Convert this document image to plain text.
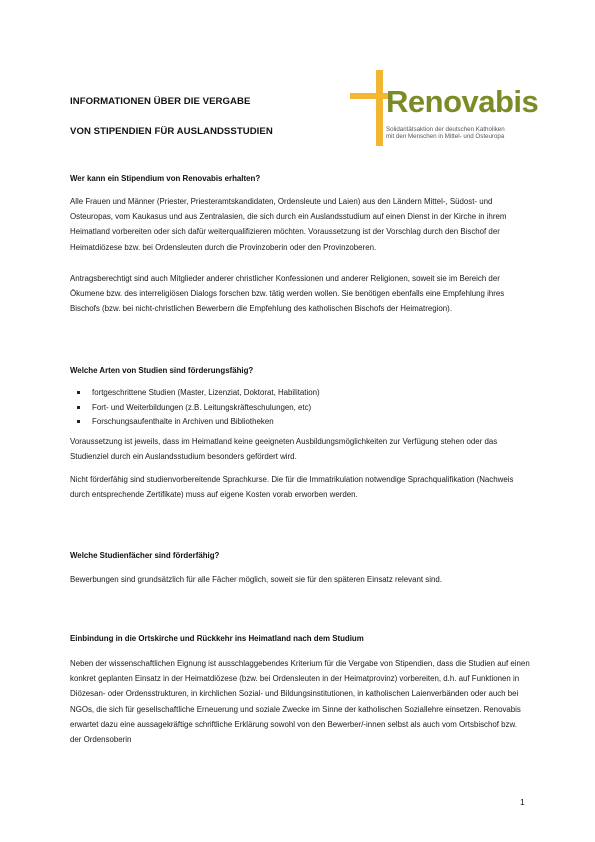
INFORMATIONEN ÜBER DIE VERGABE
VON STIPENDIEN FÜR AUSLANDSSTUDIEN
Renovabis
Solidaritätsaktion der deutschen Katholiken
mit den Menschen in Mittel- und Osteuropa

Wer kann ein Stipendium von Renovabis erhalten?

Alle Frauen und Männer (Priester, Priesteramtskandidaten, Ordensleute und Laien) aus den Ländern Mittel-, Südost- und Osteuropas, vom Kaukasus und aus Zentralasien, die sich durch ein Auslandsstudium auf einen Dienst in der Kirche in ihrem Heimatland vorbereiten oder sich dafür weiterqualifizieren möchten. Voraussetzung ist der Vorschlag durch den Bischof der Heimatdiözese bzw. bei Ordensleuten durch die Provinzoberin oder den Provinzoberen.

Antragsberechtigt sind auch Mitglieder anderer christlicher Konfessionen und anderer Religionen, soweit sie im Bereich der Ökumene bzw. des interreligiösen Dialogs forschen bzw. tätig werden wollen. Sie benötigen ebenfalls eine Empfehlung ihres Bischofs (bzw. bei nicht-christlichen Bewerbern die Empfehlung des katholischen Bischofs der Heimatregion).

Welche Arten von Studien sind förderungsfähig?

fortgeschrittene Studien (Master, Lizenziat, Doktorat, Habilitation)
Fort- und Weiterbildungen (z.B. Leitungskräfteschulungen, etc)
Forschungsaufenthalte in Archiven und Bibliotheken

Voraussetzung ist jeweils, dass im Heimatland keine geeigneten Ausbildungsmöglichkeiten zur Verfügung stehen oder das Studienziel durch ein Auslandsstudium besonders gefördert wird.

Nicht förderfähig sind studienvorbereitende Sprachkurse. Die für die Immatrikulation notwendige Sprachqualifikation (Nachweis durch entsprechende Zertifikate) muss auf eigene Kosten vorab erworben werden.

Welche Studienfächer sind förderfähig?

Bewerbungen sind grundsätzlich für alle Fächer möglich, soweit sie für den späteren Einsatz relevant sind.

Einbindung in die Ortskirche und Rückkehr ins Heimatland nach dem Studium

Neben der wissenschaftlichen Eignung ist ausschlaggebendes Kriterium für die Vergabe von Stipendien, dass die Studien auf einen konkret geplanten Einsatz in der Heimatdiözese (bzw. bei Ordensleuten in der Heimatprovinz) vorbereiten, d.h. auf Funktionen in Diözesan- oder Ordensstrukturen, in kirchlichen Sozial- und Bildungsinstitutionen, in katholischen Laienverbänden oder auch bei NGOs, die sich für gesellschaftliche Erneuerung und soziale Zwecke im Sinne der katholischen Soziallehre einsetzen. Renovabis erwartet dazu eine aussagekräftige schriftliche Erklärung sowohl von den Bewerber/-innen selbst als auch vom Ortsbischof bzw. der Ordensoberin

1
